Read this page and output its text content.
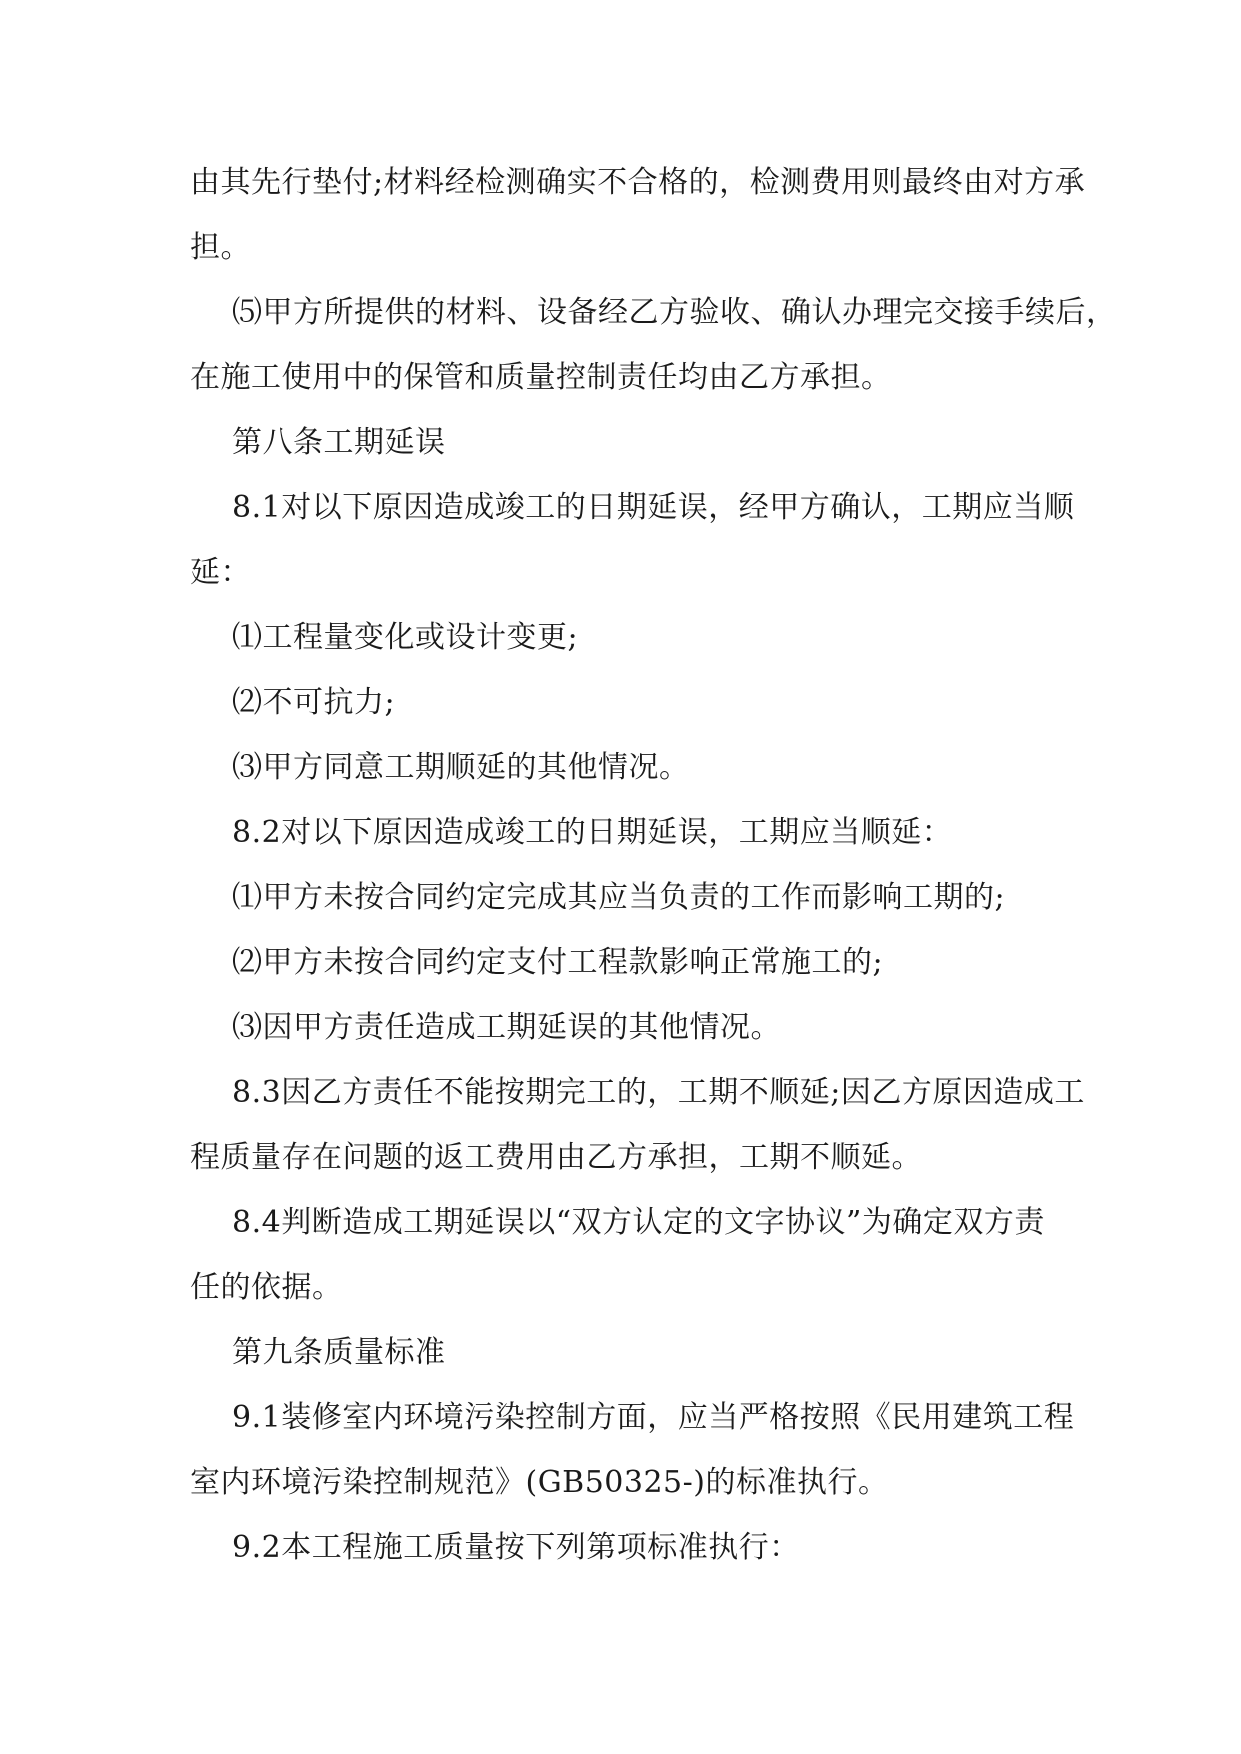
由其先行垫付;材料经检测确实不合格的，检测费用则最终由对方承
担。
⑸甲方所提供的材料、设备经乙方验收、确认办理完交接手续后，
在施工使用中的保管和质量控制责任均由乙方承担。
第八条工期延误
8.1对以下原因造成竣工的日期延误，经甲方确认，工期应当顺
延：
⑴工程量变化或设计变更;
⑵不可抗力;
⑶甲方同意工期顺延的其他情况。
8.2对以下原因造成竣工的日期延误，工期应当顺延：
⑴甲方未按合同约定完成其应当负责的工作而影响工期的;
⑵甲方未按合同约定支付工程款影响正常施工的;
⑶因甲方责任造成工期延误的其他情况。
8.3因乙方责任不能按期完工的，工期不顺延;因乙方原因造成工
程质量存在问题的返工费用由乙方承担，工期不顺延。
8.4判断造成工期延误以“双方认定的文字协议”为确定双方责
任的依据。
第九条质量标准
9.1装修室内环境污染控制方面，应当严格按照《民用建筑工程
室内环境污染控制规范》(GB50325-)的标准执行。
9.2本工程施工质量按下列第项标准执行：
